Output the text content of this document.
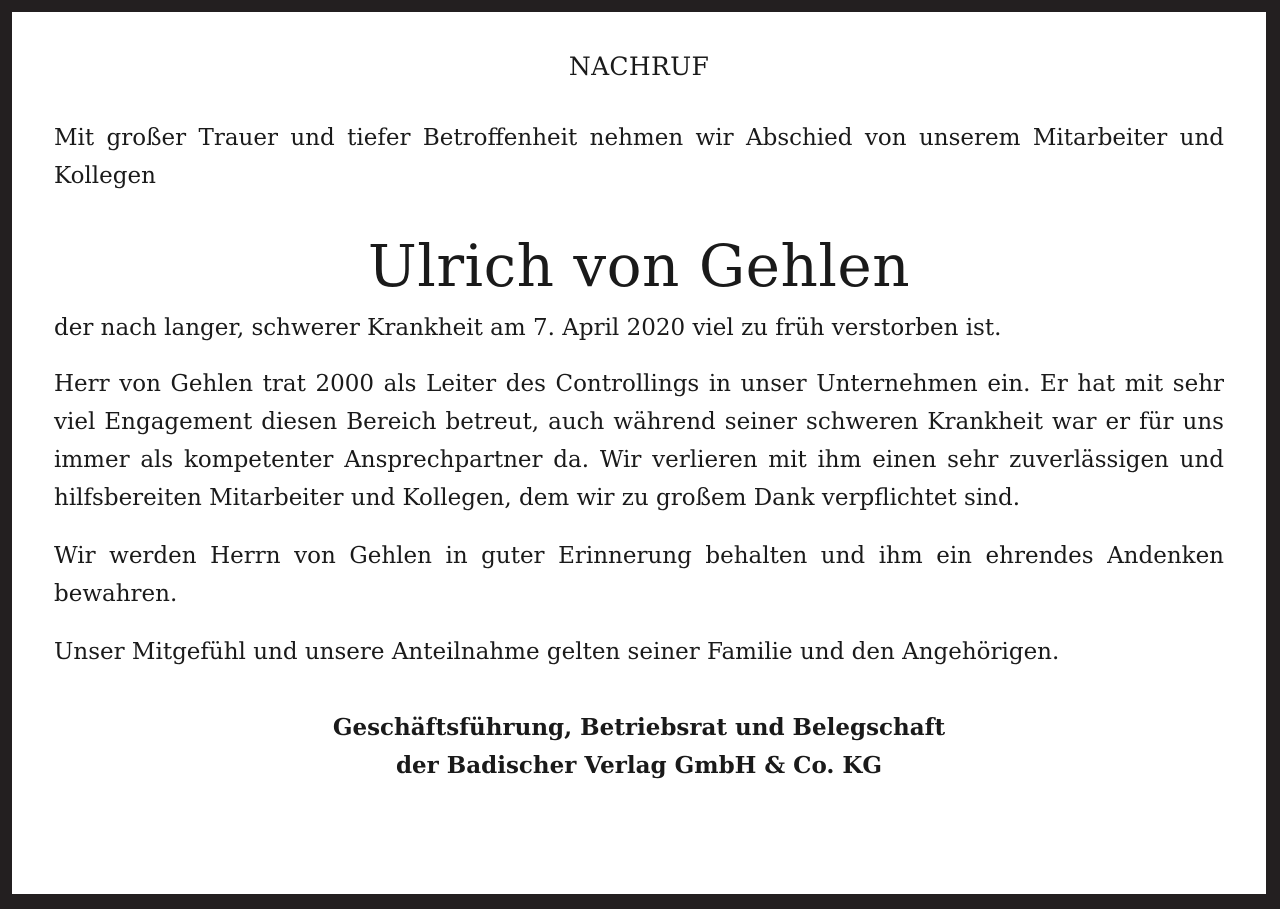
NACHRUF

Mit großer Trauer und tiefer Betroffenheit nehmen wir Abschied von unserem Mitarbeiter und Kollegen

Ulrich von Gehlen

der nach langer, schwerer Krankheit am 7. April 2020 viel zu früh verstorben ist.

Herr von Gehlen trat 2000 als Leiter des Controllings in unser Unternehmen ein. Er hat mit sehr viel Engagement diesen Bereich betreut, auch während seiner schweren Krankheit war er für uns immer als kompetenter Ansprechpartner da. Wir verlieren mit ihm einen sehr zuverlässigen und hilfsbereiten Mitarbeiter und Kollegen, dem wir zu großem Dank verpflichtet sind.

Wir werden Herrn von Gehlen in guter Erinnerung behalten und ihm ein ehrendes Andenken bewahren.

Unser Mitgefühl und unsere Anteilnahme gelten seiner Familie und den Angehörigen.

Geschäftsführung, Betriebsrat und Belegschaft
der Badischer Verlag GmbH & Co. KG
